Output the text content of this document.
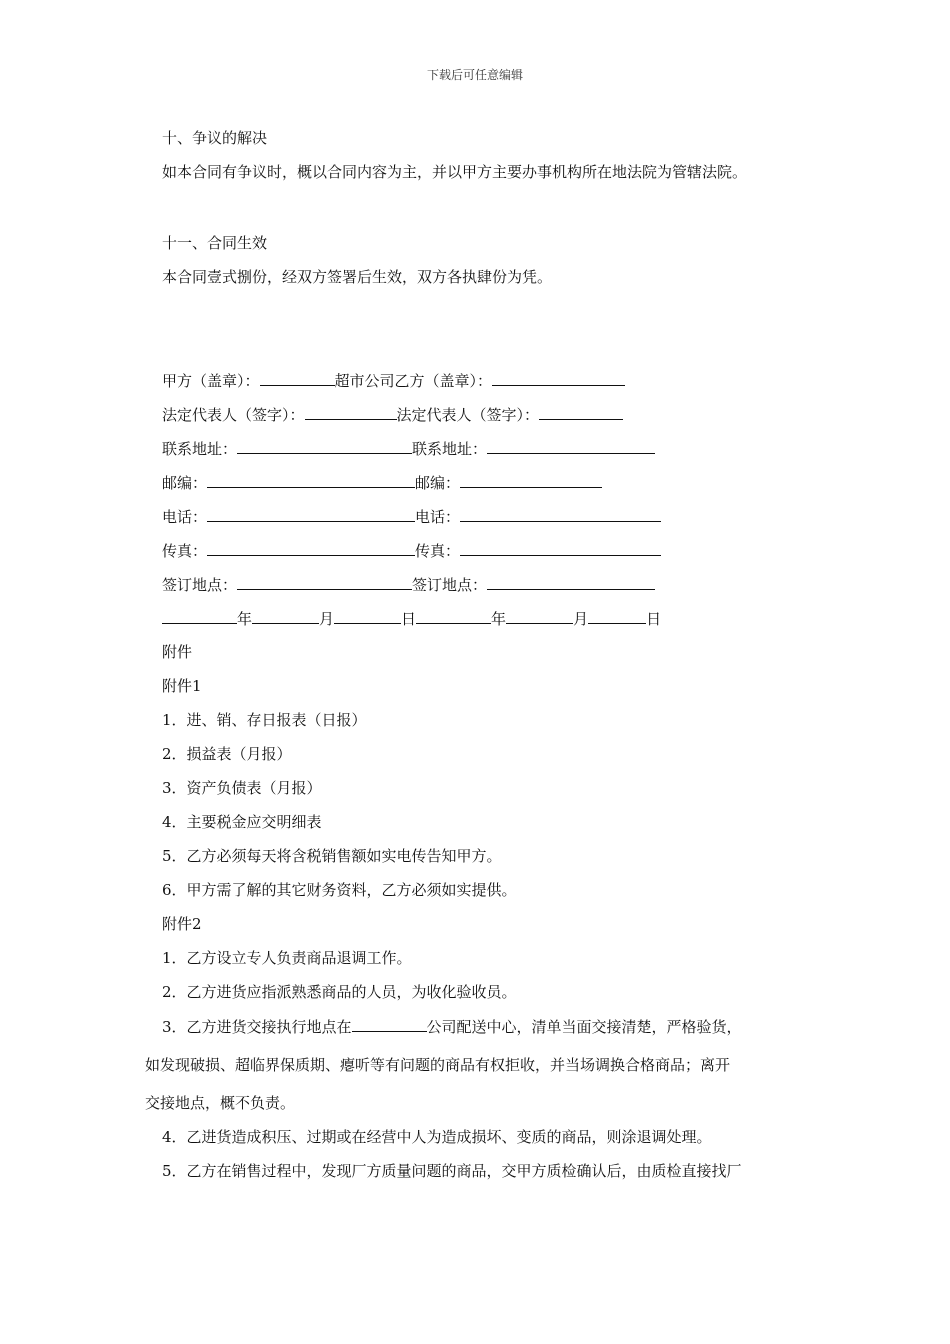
下载后可任意编辑
十、争议的解决
如本合同有争议时，概以合同内容为主，并以甲方主要办事机构所在地法院为管辖法院。
十一、合同生效
本合同壹式捌份，经双方签署后生效，双方各执肆份为凭。
甲方（盖章）：	超市公司乙方（盖章）：
法定代表人（签字）：	法定代表人（签字）：
联系地址：	联系地址：
邮编：	邮编：
电话：	电话：
传真：	传真：
签订地点：	签订地点：
年	月	日	年	月	日
附件
附件1
1．进、销、存日报表（日报）
2．损益表（月报）
3．资产负债表（月报）
4．主要税金应交明细表
5．乙方必须每天将含税销售额如实电传告知甲方。
6．甲方需了解的其它财务资料，乙方必须如实提供。
附件2
1．乙方设立专人负责商品退调工作。
2．乙方进货应指派熟悉商品的人员，为收化验收员。
3．乙方进货交接执行地点在	公司配送中心，清单当面交接清楚，严格验货，
如发现破损、超临界保质期、瘪听等有问题的商品有权拒收，并当场调换合格商品；离开
交接地点，概不负责。
4．乙进货造成积压、过期或在经营中人为造成损坏、变质的商品，则涂退调处理。
5．乙方在销售过程中，发现厂方质量问题的商品，交甲方质检确认后，由质检直接找厂
